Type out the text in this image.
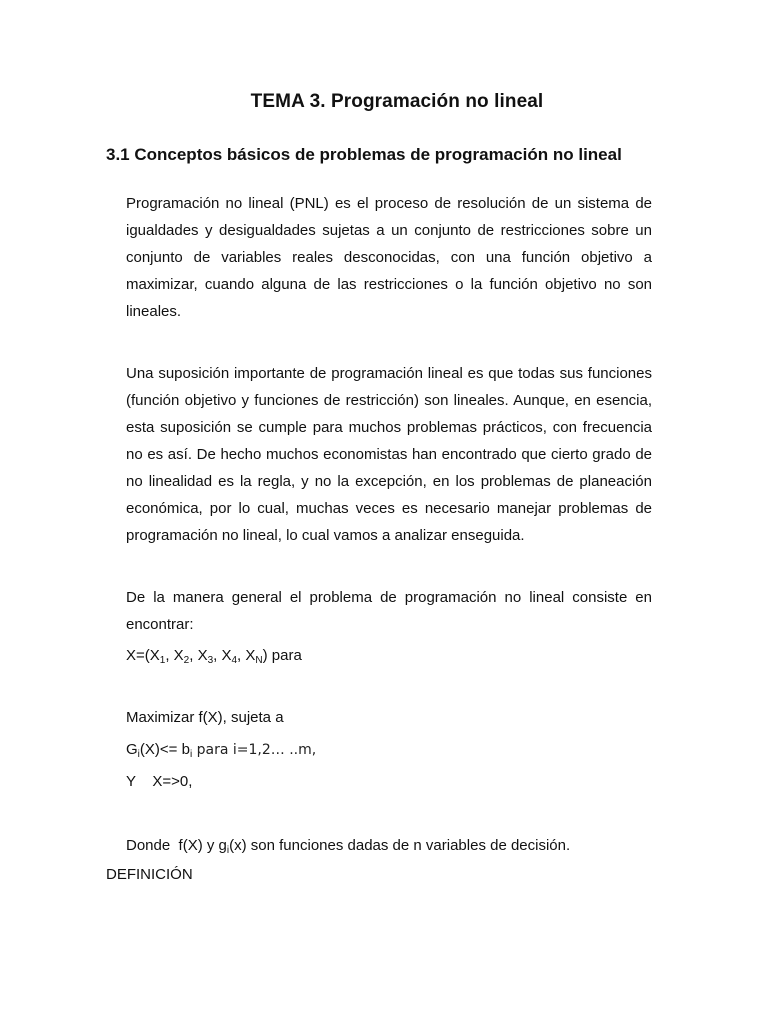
TEMA 3. Programación no lineal
3.1 Conceptos básicos de problemas de programación no lineal

Programación no lineal (PNL) es el proceso de resolución de un sistema de igualdades y desigualdades sujetas a un conjunto de restricciones sobre un conjunto de variables reales desconocidas, con una función objetivo a maximizar, cuando alguna de las restricciones o la función objetivo no son lineales.

Una suposición importante de programación lineal es que todas sus funciones (función objetivo y funciones de restricción) son lineales. Aunque, en esencia, esta suposición se cumple para muchos problemas prácticos, con frecuencia no es así. De hecho muchos economistas han encontrado que cierto grado de no linealidad es la regla, y no la excepción, en los problemas de planeación económica, por lo cual, muchas veces es necesario manejar problemas de programación no lineal, lo cual vamos a analizar enseguida.

De la manera general el problema de programación no lineal consiste en encontrar:

$X=(X_1$, $X_2$, $X_3$, $X_4$, $X_N$) para

Maximizar f(X), sujeta a

$G_i(X)<= b_i$ para i=1,2… ..m,

Y    X=>0,

Donde  f(X) y $g_i(x)$ son funciones dadas de n variables de decisión.

DEFINICIÓN
